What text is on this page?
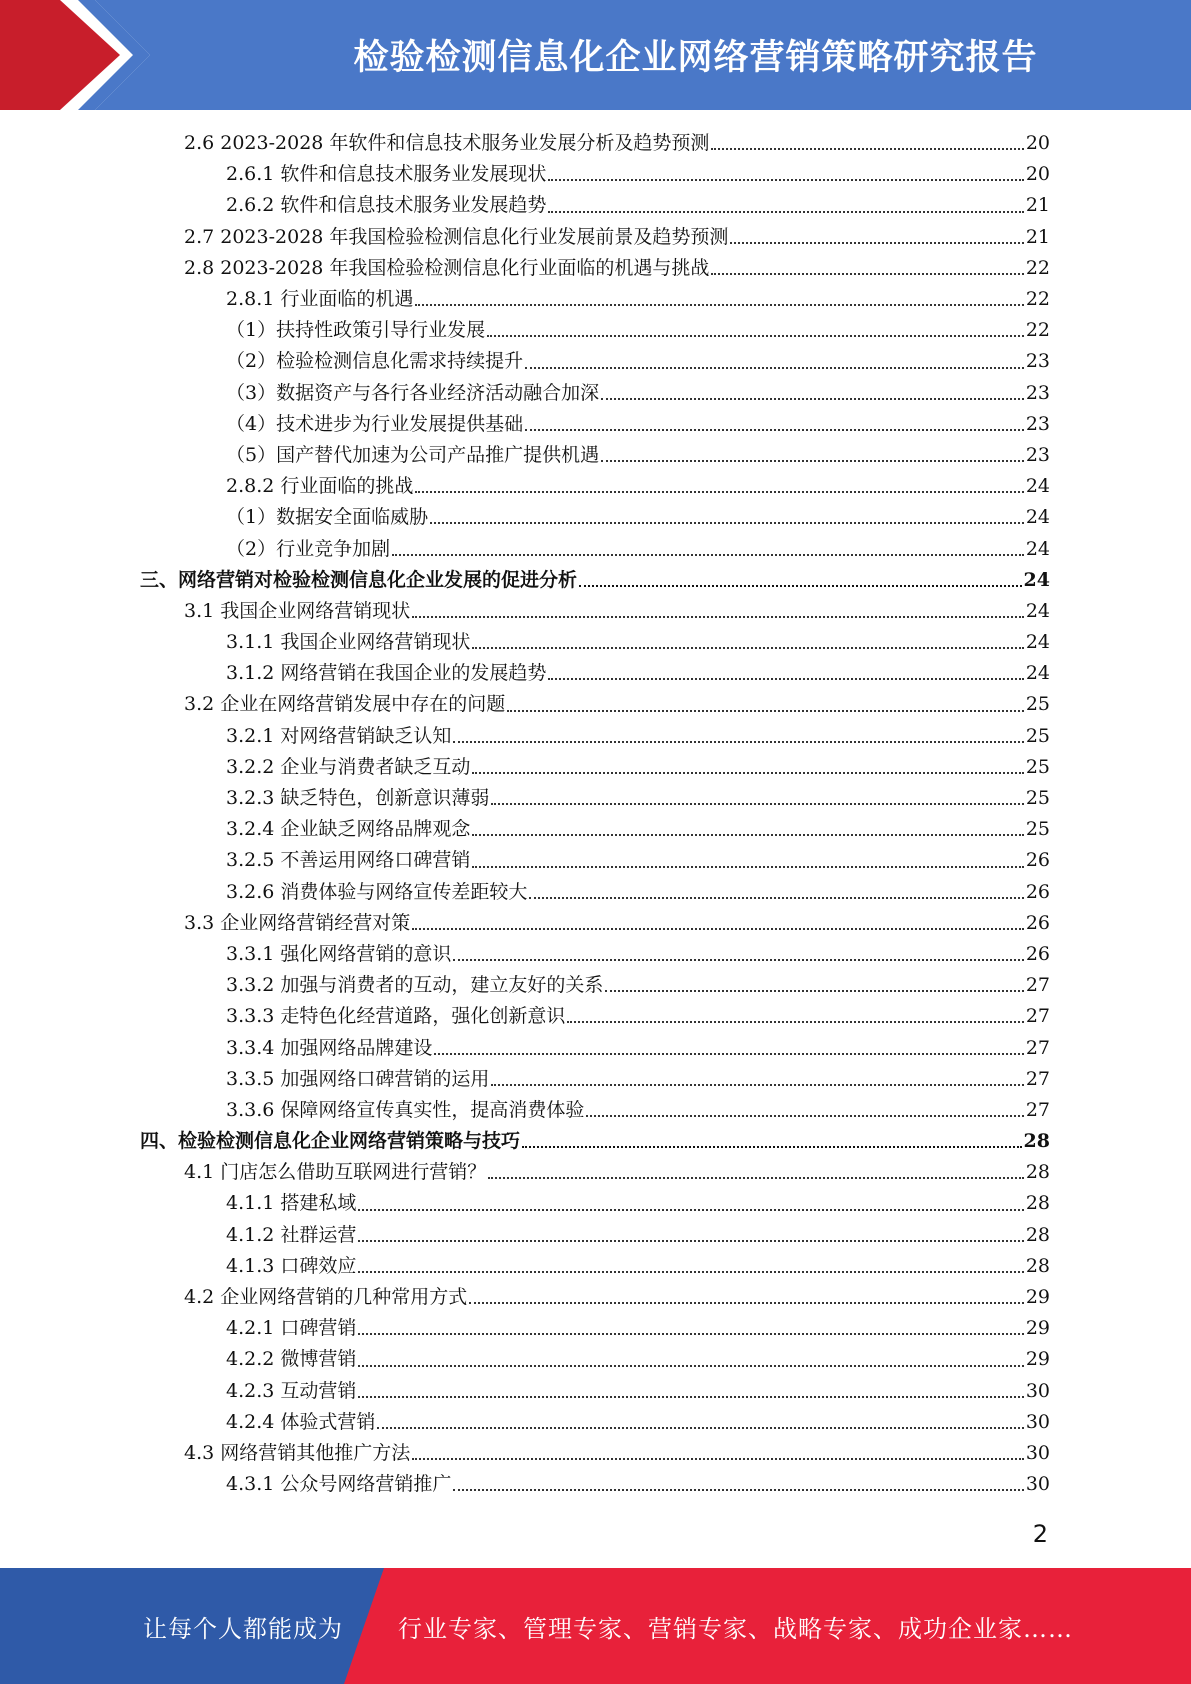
检验检测信息化企业网络营销策略研究报告
2.6 2023-2028 年软件和信息技术服务业发展分析及趋势预测	20
2.6.1 软件和信息技术服务业发展现状	20
2.6.2 软件和信息技术服务业发展趋势	21
2.7 2023-2028 年我国检验检测信息化行业发展前景及趋势预测	21
2.8 2023-2028 年我国检验检测信息化行业面临的机遇与挑战	22
2.8.1 行业面临的机遇	22
（1）扶持性政策引导行业发展	22
（2）检验检测信息化需求持续提升	23
（3）数据资产与各行各业经济活动融合加深	23
（4）技术进步为行业发展提供基础	23
（5）国产替代加速为公司产品推广提供机遇	23
2.8.2 行业面临的挑战	24
（1）数据安全面临威胁	24
（2）行业竞争加剧	24
三、网络营销对检验检测信息化企业发展的促进分析	24
3.1 我国企业网络营销现状	24
3.1.1 我国企业网络营销现状	24
3.1.2 网络营销在我国企业的发展趋势	24
3.2 企业在网络营销发展中存在的问题	25
3.2.1 对网络营销缺乏认知	25
3.2.2 企业与消费者缺乏互动	25
3.2.3 缺乏特色，创新意识薄弱	25
3.2.4 企业缺乏网络品牌观念	25
3.2.5 不善运用网络口碑营销	26
3.2.6 消费体验与网络宣传差距较大	26
3.3 企业网络营销经营对策	26
3.3.1 强化网络营销的意识	26
3.3.2 加强与消费者的互动，建立友好的关系	27
3.3.3 走特色化经营道路，强化创新意识	27
3.3.4 加强网络品牌建设	27
3.3.5 加强网络口碑营销的运用	27
3.3.6 保障网络宣传真实性，提高消费体验	27
四、检验检测信息化企业网络营销策略与技巧	28
4.1 门店怎么借助互联网进行营销？	28
4.1.1 搭建私域	28
4.1.2 社群运营	28
4.1.3 口碑效应	28
4.2 企业网络营销的几种常用方式	29
4.2.1 口碑营销	29
4.2.2 微博营销	29
4.2.3 互动营销	30
4.2.4 体验式营销	30
4.3 网络营销其他推广方法	30
4.3.1 公众号网络营销推广	30
2
让每个人都能成为 行业专家、管理专家、营销专家、战略专家、成功企业家……
